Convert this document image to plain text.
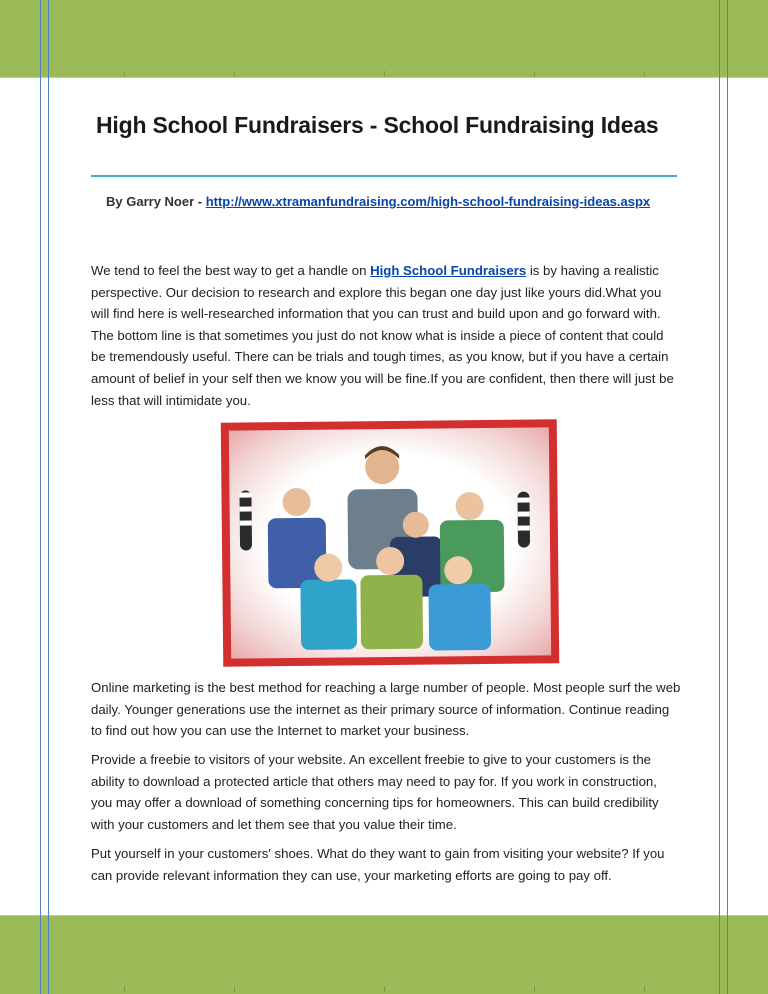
High School Fundraisers - School Fundraising Ideas
By Garry Noer - http://www.xtramanfundraising.com/high-school-fundraising-ideas.aspx

We tend to feel the best way to get a handle on High School Fundraisers is by having a realistic perspective. Our decision to research and explore this began one day just like yours did.What you will find here is well-researched information that you can trust and build upon and go forward with. The bottom line is that sometimes you just do not know what is inside a piece of content that could be tremendously useful. There can be trials and tough times, as you know, but if you have a certain amount of belief in your self then we know you will be fine.If you are confident, then there will just be less that will intimidate you.

Online marketing is the best method for reaching a large number of people. Most people surf the web daily. Younger generations use the internet as their primary source of information. Continue reading to find out how you can use the Internet to market your business.

Provide a freebie to visitors of your website. An excellent freebie to give to your customers is the ability to download a protected article that others may need to pay for. If you work in construction, you may offer a download of something concerning tips for homeowners. This can build credibility with your customers and let them see that you value their time.

Put yourself in your customers' shoes. What do they want to gain from visiting your website? If you can provide relevant information they can use, your marketing efforts are going to pay off.
